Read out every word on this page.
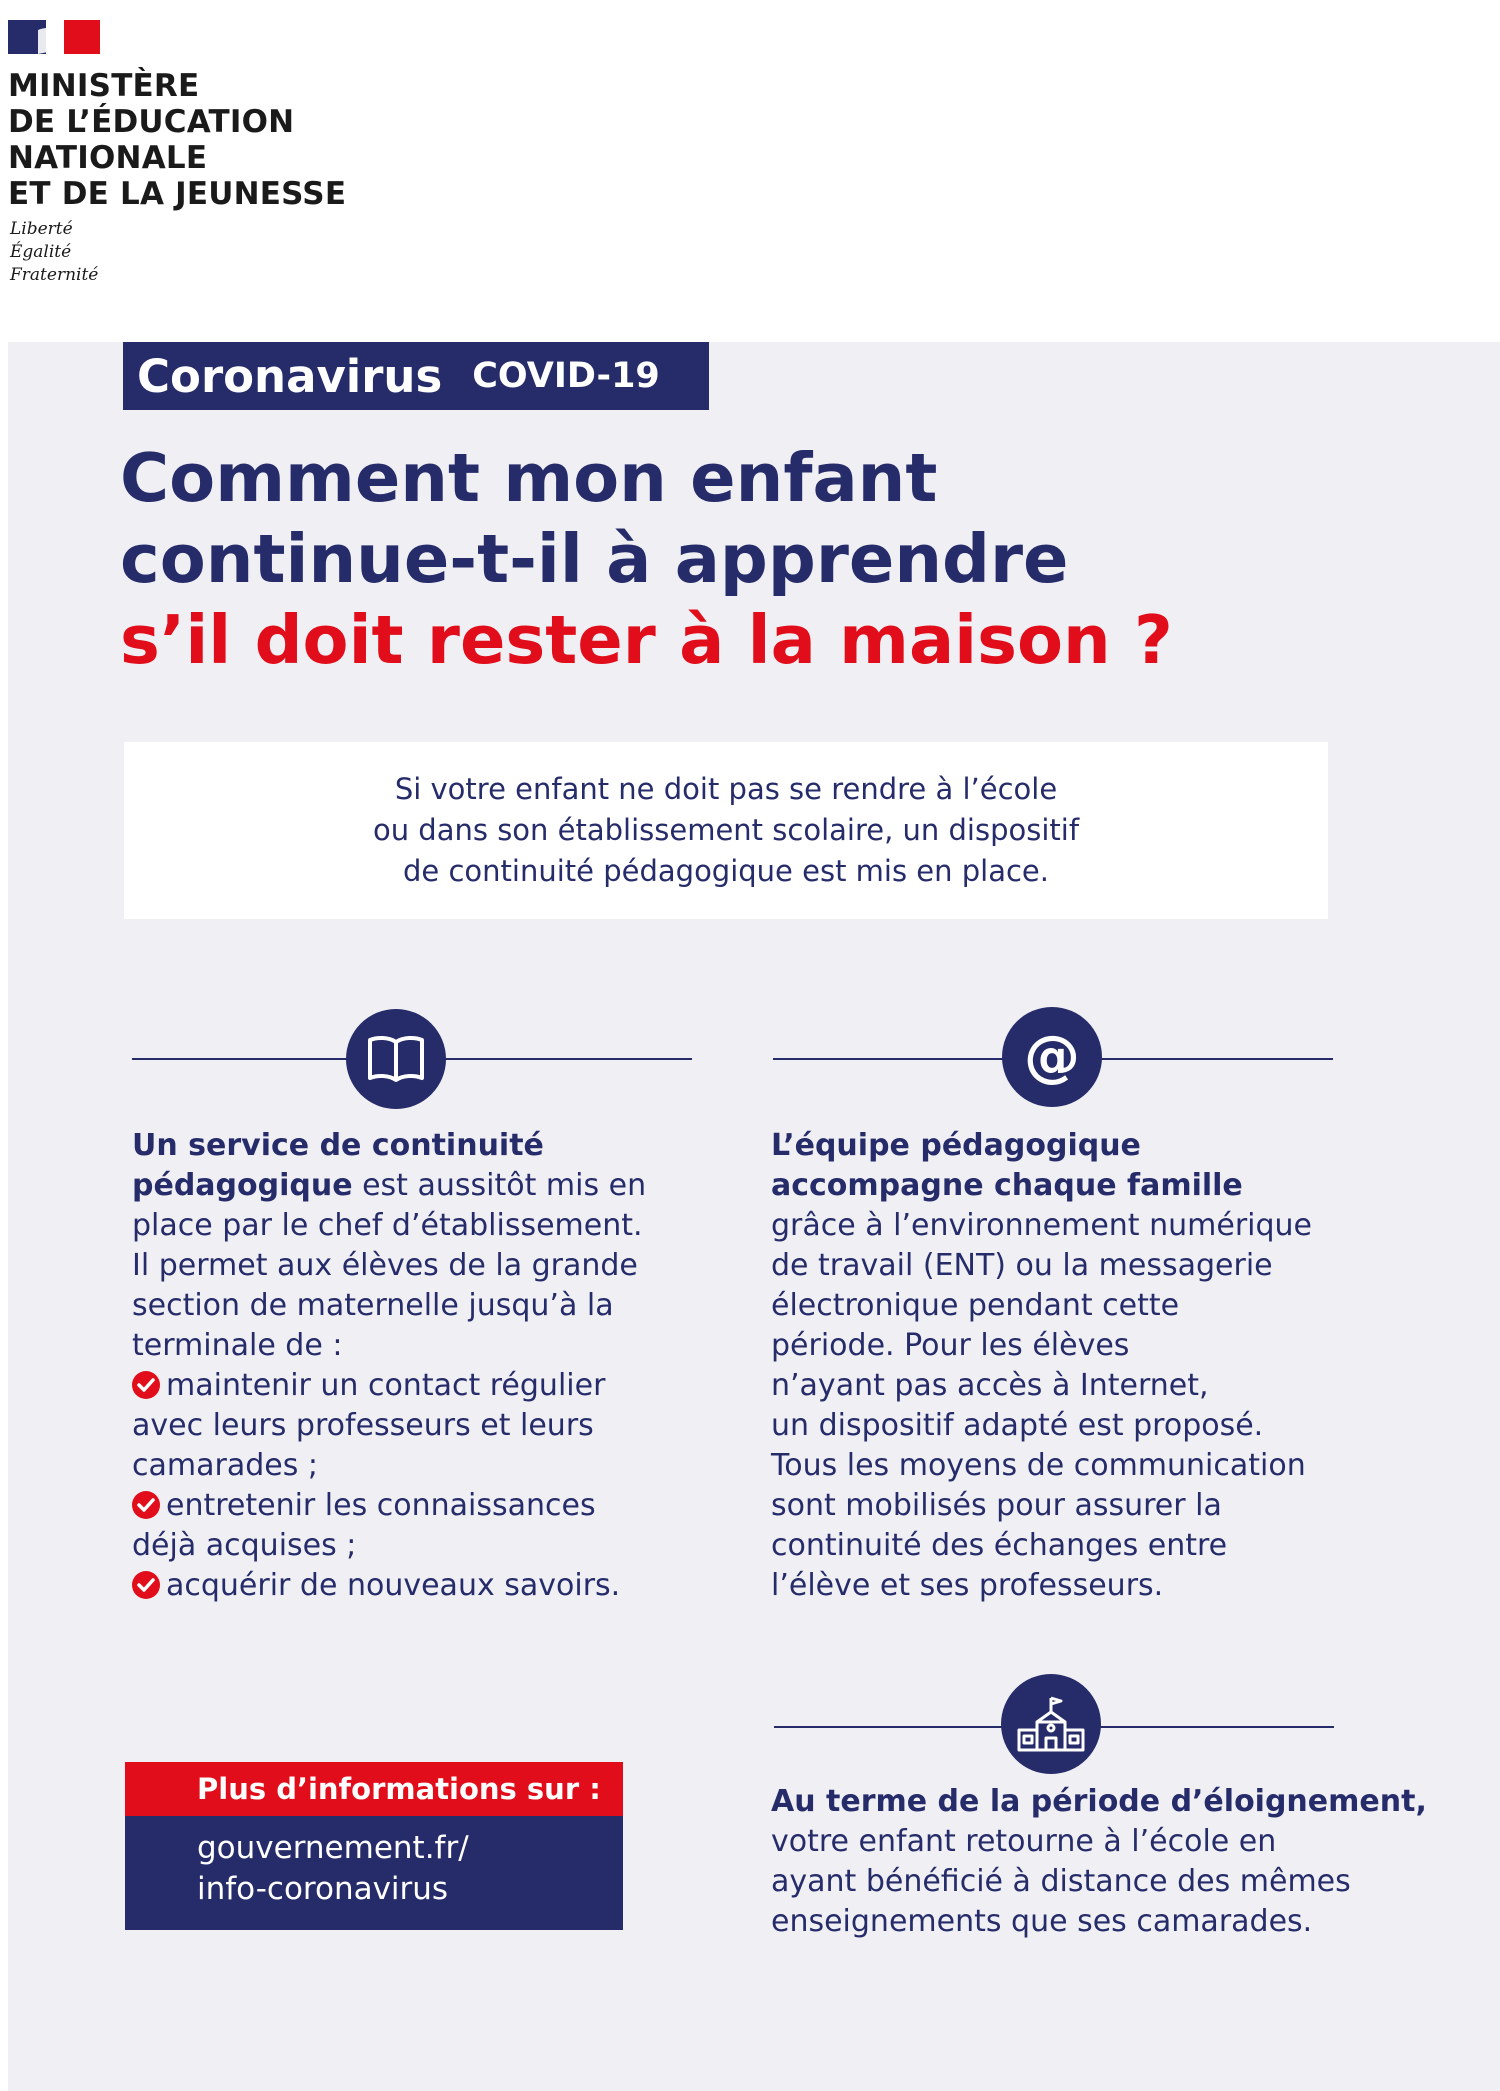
MINISTÈRE
DE L’ÉDUCATION
NATIONALE
ET DE LA JEUNESSE
Liberté
Égalité
Fraternité
Coronavirus COVID-19
Comment mon enfant
continue-t-il à apprendre
s’il doit rester à la maison ?

Si votre enfant ne doit pas se rendre à l’école
ou dans son établissement scolaire, un dispositif
de continuité pédagogique est mis en place.

@
Un service de continuité
pédagogique est aussitôt mis en
place par le chef d’établissement.
Il permet aux élèves de la grande
section de maternelle jusqu’à la
terminale de :
maintenir un contact régulier
avec leurs professeurs et leurs
camarades ;
entretenir les connaissances
déjà acquises ;
acquérir de nouveaux savoirs.
L’équipe pédagogique
accompagne chaque famille
grâce à l’environnement numérique
de travail (ENT) ou la messagerie
électronique pendant cette
période. Pour les élèves
n’ayant pas accès à Internet,
un dispositif adapté est proposé.
Tous les moyens de communication
sont mobilisés pour assurer la
continuité des échanges entre
l’élève et ses professeurs.
Au terme de la période d’éloignement,
votre enfant retourne à l’école en
ayant bénéficié à distance des mêmes
enseignements que ses camarades.
Plus d’informations sur :
gouvernement.fr/
info-coronavirus
